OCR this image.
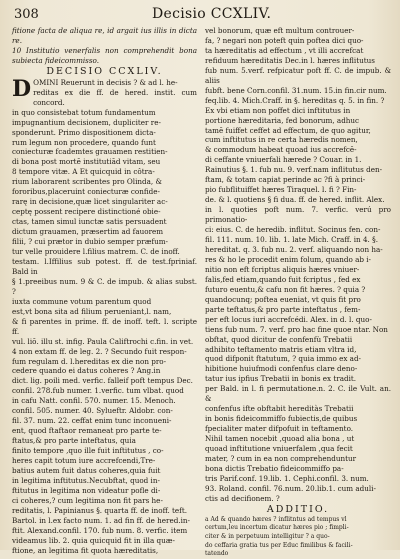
308	Decisio CCXLIV.
fitione facta de aliqua re, id argait ius illis in dicta re.
10 Institutio venerfalis non comprehendit bona subiecta fideicommisso.
DECISIO CCXLIV.
D OMINI Reuerunt in decisis ? & ad l. he-
reditas ex die ff. de hered. instit. cum concord.
in quo consistebat totum fundamentum
impugnantium decisionem, dupliciter re-
sponderunt. Primo dispositionem dicta-
rum legum non procedere, quando funt
coniecturæ fcademtes grauamen restitien-
di bona post mortē institutiād vitam, seu
8 tempore vitæ. A Et quicquid in côtra-
rium laborarent scribentes pro Olinda, &
fororibus,placeruint coniecturæ confide-
rarę in decisione,quæ licet singulariter ac-
ceptę possent recipere distinctioné obie-
ctas, tamen simul iunctæ satis persuadent
dictum grauamen, præsertim ad fauorem
filii, ? cui prætor in dubio semper præfum-
tur velle prouidere l.filius matrem. C. de inoff.
testam. l.Iffilius sub potest. ff. de test.fpriniaf. Bald in
§ 1.preeibus num. 9 & C. de impub. & alias subst. ?
iuxta commune votum parentum quod
est,vt bona sita ad filium perueniant,l. nam,
& fi parentes in prime. ff. de inoff. teft. l. scripte ff.
vul. liō. illu st. infig. Paula Califtrochi c.fin. in vet.
4 non extam ff. de leg. 2. ? Secundo fuit respon-
fum regulam d. l.hereditas ex die non pro-
cedere quando ei datus coheres ? Ang.in
dict. lig. poili med. verfic. falleif poft tempus Dec.
confil. 278.fub numer. 1.verfic. tum vlbat. quod
in cafu Natt. confil. 570. numer. 15. Menoch.
confil. 505. numer. 40. Sylueftr. Aldobr. con-
fil. 37. num. 22. ceffat enim tunc inconueni-
ent, quod ftaftaor remaneat pro parte te-
ftatus,& pro parte inteftatus, quia
finito tempore ,quo ille fuit inftitutus , co-
heres capit totum iure accrefcendi,Tre-
batius autem fuit datus coheres,quia fuit
in legitima inftitutus.Necubftat, quod in-
ftitutus in legitima non videatur pofle di-
ci coheres,? cum legitima non fit pars he-
reditatis, l. Papinianus §. quarta ff. de inoff. teft.
Bartol. in l.ex facto num. 1. ad fin ff. de hered.in-
ftit. Alexand.confil. 170. fub num. 8. verfic. item
videamus lib. 2. quia quicquid fit in illa quæ-
ftione, an legitima fit quota hæreditatis,
vel bonorum, quæ eft multum controuer-
fa, ? negari non poteft quin poftea dici quo-
ta hæreditatis ad effectum , vt illi accrefcat
refiduum hæreditatis Dec.in l. hæres inflitutus
fub num. 5.verf. refpicatur poft ff. C. de impub. & aliis
fubft. bene Corn.confil. 31.num. 15.in fin.cir num.
feq.lib. 4. Mich.Craff. in §. hereditas q. 5. in fin. ?
Ex vbi etiam non poffet dici inftitutus in
portione hæreditaria, fed bonorum, adhuc
tamē fuiffet ceffet ad effectum, de quo agitur,
cum inftitutus in re certa hæredis nomen,
& commodum habeat quoad ius accrefcē-
di ceffante vniuerfali hærede ? Couar. in 1.
Rainutius §. 1. fub nu. 9. verf.nam inflitutus den-
ftam, & totam capiat perinde ac ?fi à princi-
pio fubflituiffet hæres Tiraquel. l. fi ? Fin-
de. & l. quotiens § fi dua. ff. de hered. inflit. Alex.
in l. quoties poft num. 7. verfic. verú pro primonatio-
ci: eius. C. de heredib. inflitut. Socinus fen. con-
fil. 111. num. 10. lib. 1. late Mich. Craff. in 4. §.
hereditat. q. 3. fub nu. 2. verf. aliquando non ha-
res & ho le procedit enim folum, quando ab i-
nitio non eft fcriptus aliquis hæres vniuer-
falis,fed etiam,quando fuit fcriptus , fed ex
futuro euentu,& cafu non fit hæres. ? quia ?
quandocunq; poftea eueniat, vt quis fit pro
parte teftatus,& pro parte inteftatus , fem-
per eft locus iuri accrefcédi. Alex. in d. l. quo-
tiens fub num. 7. verf. pro hac fine quoe ntar. Non
obftat, quod dicitur de confenfù Trebatii
adhibito teftamento matris etiam vltra id,
quod difponit ftatutum, ? quia immo ex ad-
hibitione huiufmodi confenfus clare deno-
tatur ius ipfius Trebatii in bonis ex tradit.
per Bald. in l. fi permutatione.n. 2. C. ile Vult. an. &
confenfus ifte obftabit hereditàs Trebatii
in bonis fideicommiffo fubiectis,de quibus
fpecialiter mater difpofuit in teftamento.
Nihil tamen nocebit ,quoad alia bona , ut
quoad inftitutione vniuerfalem ,qua fecit
mater, ? cum in ea non comprehenduntur
bona dictis Trebatio fideicommiffo pa-
tris Parif.conf. 19.lib. 1. Cephi.confil. 3. num.
93. Roland. confil. 76.num. 20.lib.1. cum aduli-
ctis ad decifionem. ?
ADDITIO.
a Ad & quando hæres ? inflitntus ad tempus vl
certum,leu incertum dicatur hæres pio ; fimpli-
citer & in perpetuum intelligitur ? a quo-
do ceffaria gratia tus per Educ fimilibus & facili-
tatendo
